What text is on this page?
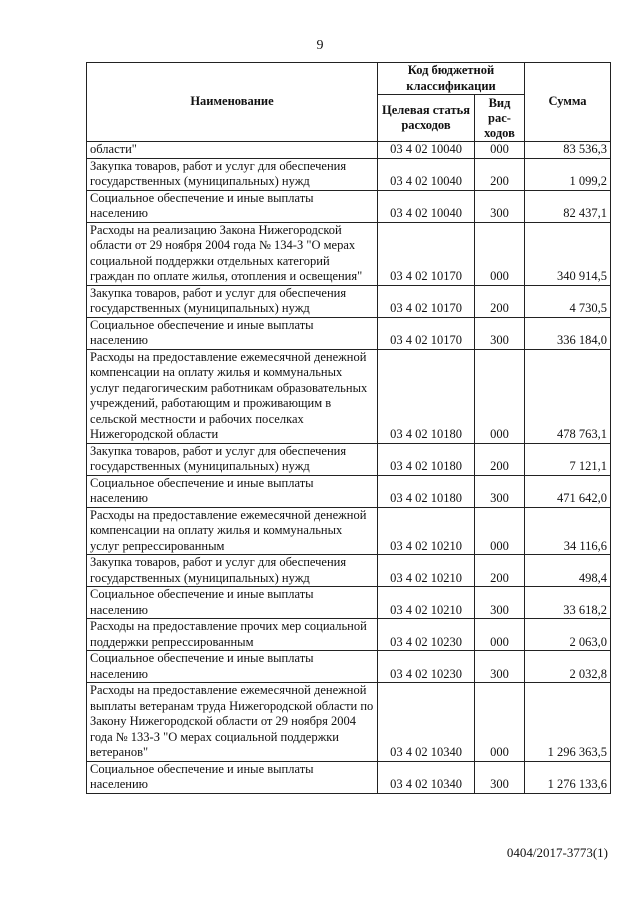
9
Наименование	Код бюджетной классификации		Сумма
	Целевая статья расходов	Вид рас- ходов	
области"	03 4 02 10040	000	83 536,3
Закупка товаров, работ и услуг для обеспечения государственных (муниципальных) нужд	03 4 02 10040	200	1 099,2
Социальное обеспечение и иные выплаты населению	03 4 02 10040	300	82 437,1
Расходы на реализацию Закона Нижегородской области от 29 ноября 2004 года № 134-З "О мерах социальной поддержки отдельных категорий граждан по оплате жилья, отопления и освещения"	03 4 02 10170	000	340 914,5
Закупка товаров, работ и услуг для обеспечения государственных (муниципальных) нужд	03 4 02 10170	200	4 730,5
Социальное обеспечение и иные выплаты населению	03 4 02 10170	300	336 184,0
Расходы на предоставление ежемесячной денежной компенсации на оплату жилья и коммунальных услуг педагогическим работникам образовательных учреждений, работающим и проживающим в сельской местности и рабочих поселках Нижегородской области	03 4 02 10180	000	478 763,1
Закупка товаров, работ и услуг для обеспечения государственных (муниципальных) нужд	03 4 02 10180	200	7 121,1
Социальное обеспечение и иные выплаты населению	03 4 02 10180	300	471 642,0
Расходы на предоставление ежемесячной денежной компенсации на оплату жилья и коммунальных услуг репрессированным	03 4 02 10210	000	34 116,6
Закупка товаров, работ и услуг для обеспечения государственных (муниципальных) нужд	03 4 02 10210	200	498,4
Социальное обеспечение и иные выплаты населению	03 4 02 10210	300	33 618,2
Расходы на предоставление прочих мер социальной поддержки репрессированным	03 4 02 10230	000	2 063,0
Социальное обеспечение и иные выплаты населению	03 4 02 10230	300	2 032,8
Расходы на предоставление ежемесячной денежной выплаты ветеранам труда Нижегородской области по Закону Нижегородской области от 29 ноября 2004 года № 133-З "О мерах социальной поддержки ветеранов"	03 4 02 10340	000	1 296 363,5
Социальное обеспечение и иные выплаты населению	03 4 02 10340	300	1 276 133,6
0404/2017-3773(1)
